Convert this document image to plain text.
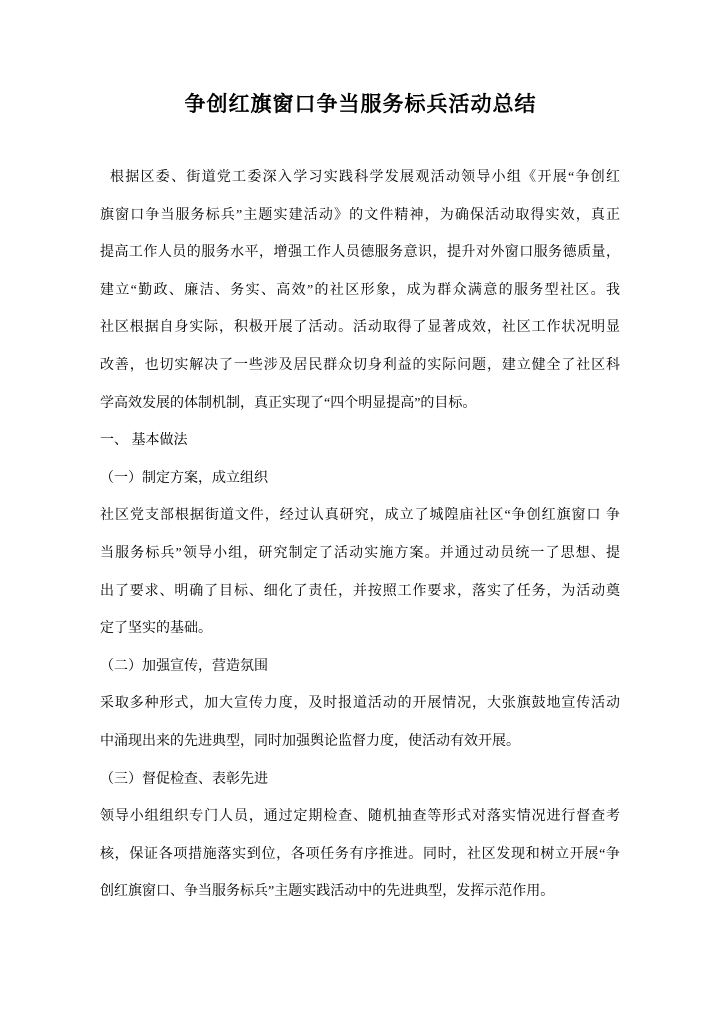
争创红旗窗口争当服务标兵活动总结
根据区委、街道党工委深入学习实践科学发展观活动领导小组《开展“争创红
旗窗口争当服务标兵”主题实建活动》的文件精神，为确保活动取得实效，真正
提高工作人员的服务水平，增强工作人员德服务意识，提升对外窗口服务德质量，
建立“勤政、廉洁、务实、高效”的社区形象，成为群众满意的服务型社区。我
社区根据自身实际，积极开展了活动。活动取得了显著成效，社区工作状况明显
改善，也切实解决了一些涉及居民群众切身利益的实际问题，建立健全了社区科
学高效发展的体制机制，真正实现了“四个明显提高”的目标。
一、 基本做法
（一）制定方案，成立组织
社区党支部根据街道文件，经过认真研究，成立了城隍庙社区“争创红旗窗口 争
当服务标兵”领导小组，研究制定了活动实施方案。并通过动员统一了思想、提
出了要求、明确了目标、细化了责任，并按照工作要求，落实了任务，为活动奠
定了坚实的基础。
（二）加强宣传，营造氛围
采取多种形式，加大宣传力度，及时报道活动的开展情况，大张旗鼓地宣传活动
中涌现出来的先进典型，同时加强舆论监督力度，使活动有效开展。
（三）督促检查、表彰先进
领导小组组织专门人员，通过定期检查、随机抽查等形式对落实情况进行督查考
核，保证各项措施落实到位，各项任务有序推进。同时，社区发现和树立开展“争
创红旗窗口、争当服务标兵”主题实践活动中的先进典型，发挥示范作用。
